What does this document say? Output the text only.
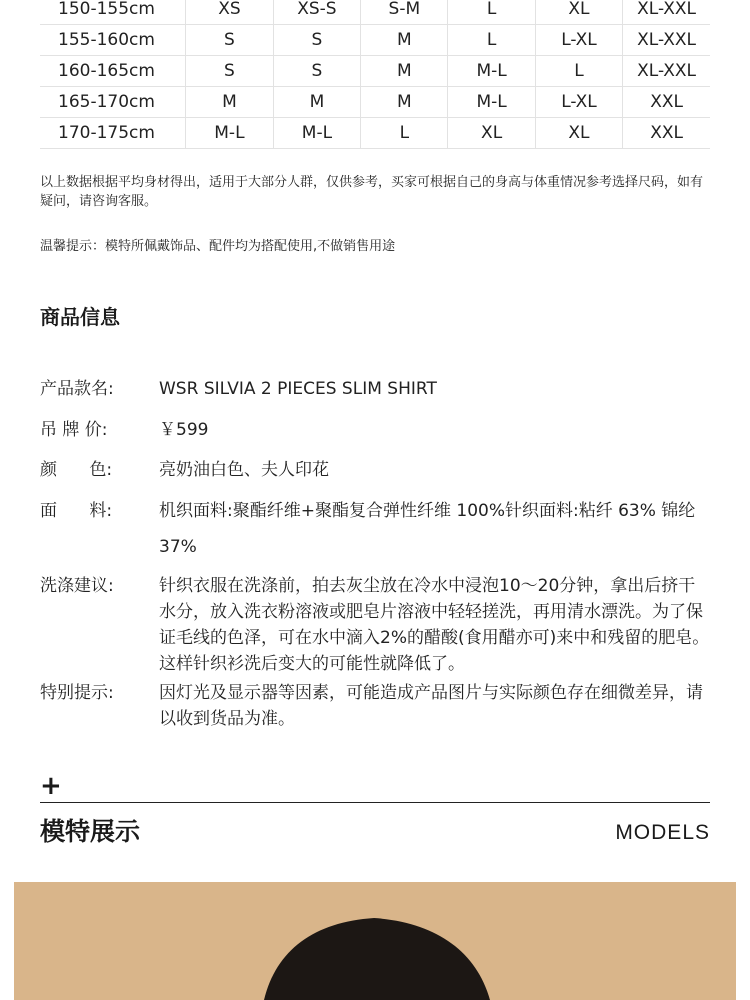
150-155cm	XS	XS-S	S-M	L	XL	XL-XXL
155-160cm	S	S	M	L	L-XL	XL-XXL
160-165cm	S	S	M	M-L	L	XL-XXL
165-170cm	M	M	M	M-L	L-XL	XXL
170-175cm	M-L	M-L	L	XL	XL	XXL
以上数据根据平均身材得出，适用于大部分人群，仅供参考，买家可根据自己的身高与体重情况参考选择尺码，如有疑问，请咨询客服。
温馨提示：模特所佩戴饰品、配件均为搭配使用,不做销售用途
商品信息
产品款名:	WSR SILVIA 2 PIECES SLIM SHIRT
吊 牌 价:	￥599
颜      色:	亮奶油白色、夫人印花
面      料:	机织面料:聚酯纤维+聚酯复合弹性纤维 100%针织面料:粘纤 63% 锦纶 37%
洗涤建议:	针织衣服在洗涤前，拍去灰尘放在冷水中浸泡10～20分钟，拿出后挤干水分，放入洗衣粉溶液或肥皂片溶液中轻轻搓洗，再用清水漂洗。为了保证毛线的色泽，可在水中滴入2%的醋酸(食用醋亦可)来中和残留的肥皂。这样针织衫洗后变大的可能性就降低了。
特别提示:	因灯光及显示器等因素，可能造成产品图片与实际颜色存在细微差异，请以收到货品为准。
+
模特展示	MODELS
